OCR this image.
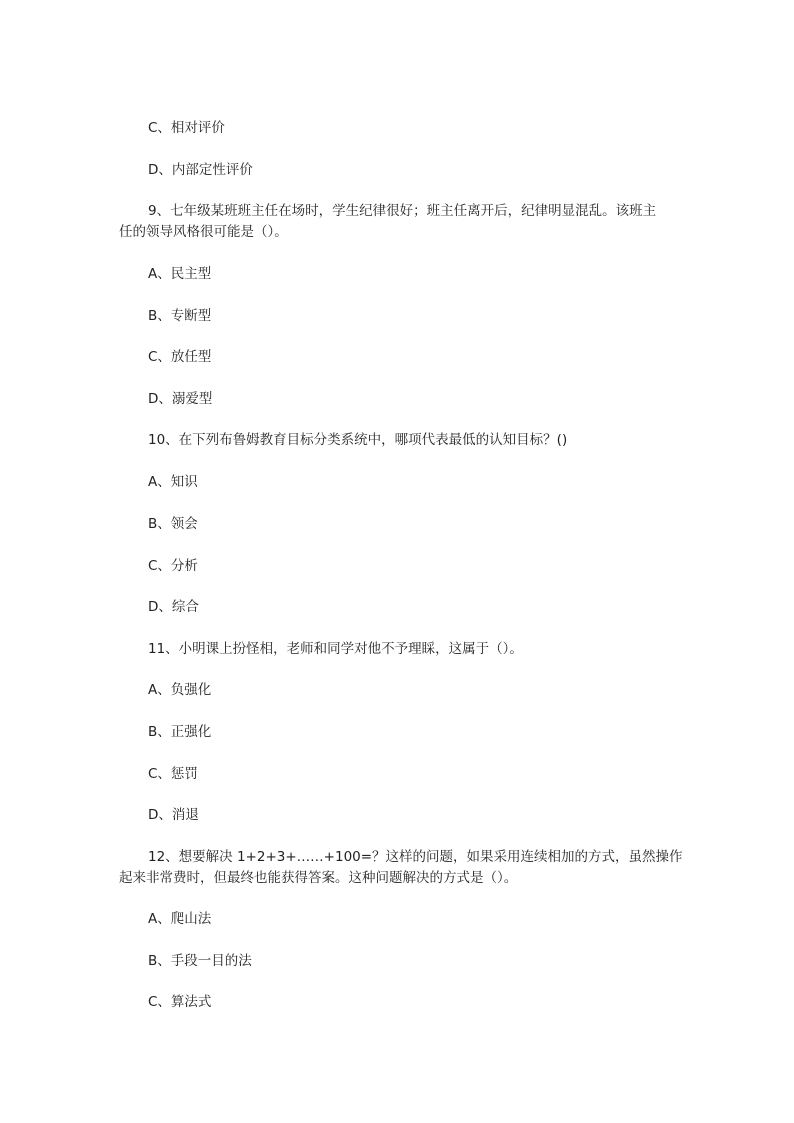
C、相对评价
D、内部定性评价
9、七年级某班班主任在场时，学生纪律很好；班主任离开后，纪律明显混乱。该班主
任的领导风格很可能是（）。
A、民主型
B、专断型
C、放任型
D、溺爱型
10、在下列布鲁姆教育目标分类系统中，哪项代表最低的认知目标？()
A、知识
B、领会
C、分析
D、综合
11、小明课上扮怪相，老师和同学对他不予理睬，这属于（）。
A、负强化
B、正强化
C、惩罚
D、消退
12、想要解决 1+2+3+……+100=？这样的问题，如果采用连续相加的方式，虽然操作
起来非常费时，但最终也能获得答案。这种问题解决的方式是（）。
A、爬山法
B、手段一目的法
C、算法式
